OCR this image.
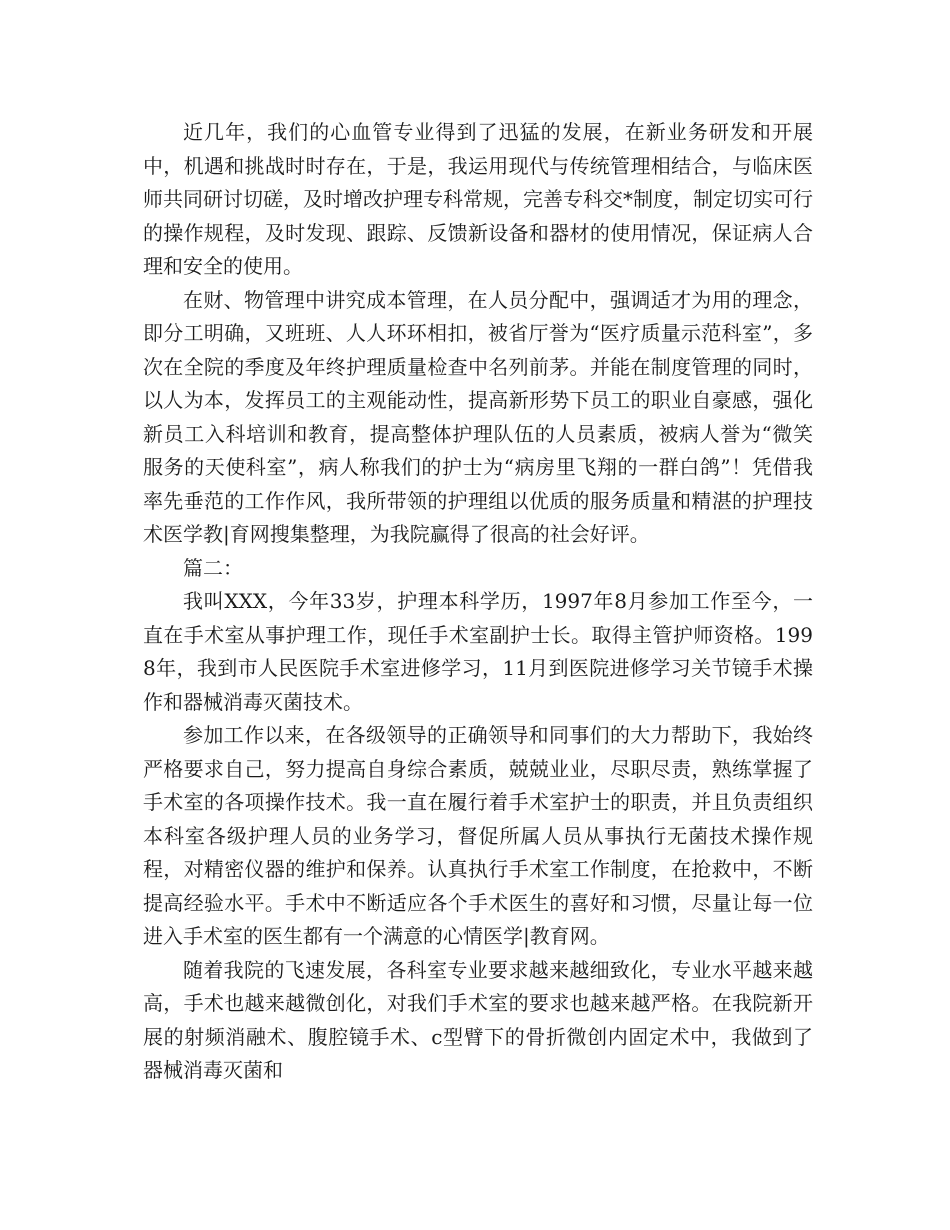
近几年，我们的心血管专业得到了迅猛的发展，在新业务研发和开展中，机遇和挑战时时存在，于是，我运用现代与传统管理相结合，与临床医师共同研讨切磋，及时增改护理专科常规，完善专科交*制度，制定切实可行的操作规程，及时发现、跟踪、反馈新设备和器材的使用情况，保证病人合理和安全的使用。

在财、物管理中讲究成本管理，在人员分配中，强调适才为用的理念，即分工明确，又班班、人人环环相扣，被省厅誉为“医疗质量示范科室”，多次在全院的季度及年终护理质量检查中名列前茅。并能在制度管理的同时，以人为本，发挥员工的主观能动性，提高新形势下员工的职业自豪感，强化新员工入科培训和教育，提高整体护理队伍的人员素质，被病人誉为“微笑服务的天使科室”，病人称我们的护士为“病房里飞翔的一群白鸽”！凭借我率先垂范的工作作风，我所带领的护理组以优质的服务质量和精湛的护理技术医学教|育网搜集整理，为我院赢得了很高的社会好评。

篇二：

我叫XXX，今年33岁，护理本科学历，1997年8月参加工作至今，一直在手术室从事护理工作，现任手术室副护士长。取得主管护师资格。1998年，我到市人民医院手术室进修学习，11月到医院进修学习关节镜手术操作和器械消毒灭菌技术。

参加工作以来，在各级领导的正确领导和同事们的大力帮助下，我始终严格要求自己，努力提高自身综合素质，兢兢业业，尽职尽责，熟练掌握了手术室的各项操作技术。我一直在履行着手术室护士的职责，并且负责组织本科室各级护理人员的业务学习，督促所属人员从事执行无菌技术操作规程，对精密仪器的维护和保养。认真执行手术室工作制度，在抢救中，不断提高经验水平。手术中不断适应各个手术医生的喜好和习惯，尽量让每一位进入手术室的医生都有一个满意的心情医学|教育网。

随着我院的飞速发展，各科室专业要求越来越细致化，专业水平越来越高，手术也越来越微创化，对我们手术室的要求也越来越严格。在我院新开展的射频消融术、腹腔镜手术、c型臂下的骨折微创内固定术中，我做到了器械消毒灭菌和
